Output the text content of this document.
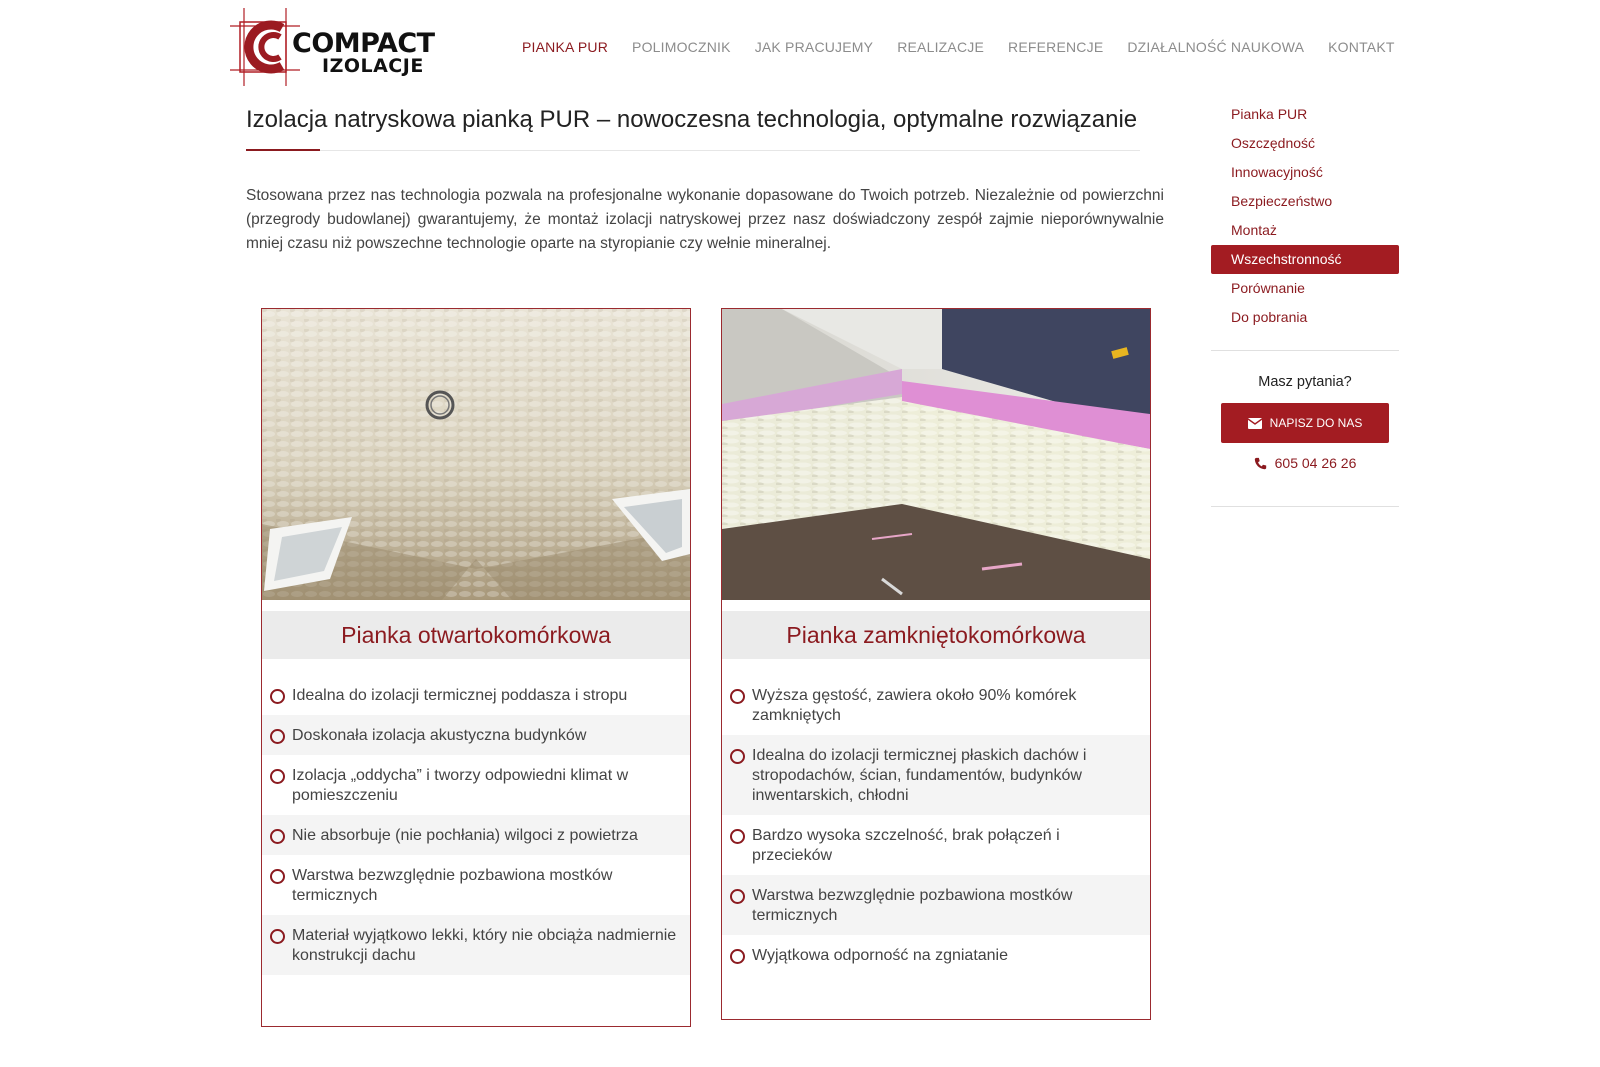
COMPACT
IZOLACJE
PIANKA PUR POLIMOCZNIK JAK PRACUJEMY REALIZACJE REFERENCJE DZIAŁALNOŚĆ NAUKOWA KONTAKT
Izolacja natryskowa pianką PUR – nowoczesna technologia, optymalne rozwiązanie

Stosowana przez nas technologia pozwala na profesjonalne wykonanie dopasowane do Twoich potrzeb. Niezależnie od powierzchni (przegrody budowlanej) gwarantujemy, że montaż izolacji natryskowej przez nasz doświadczony zespół zajmie nieporównywalnie mniej czasu niż powszechne technologie oparte na styropianie czy wełnie mineralnej.

Pianka otwartokomórkowa
Idealna do izolacji termicznej poddasza i stropu
Doskonała izolacja akustyczna budynków
Izolacja „oddycha” i tworzy odpowiedni klimat w pomieszczeniu
Nie absorbuje (nie pochłania) wilgoci z powietrza
Warstwa bezwzględnie pozbawiona mostków termicznych
Materiał wyjątkowo lekki, który nie obciąża nadmiernie konstrukcji dachu
Pianka zamkniętokomórkowa
Wyższa gęstość, zawiera około 90% komórek zamkniętych
Idealna do izolacji termicznej płaskich dachów i stropodachów, ścian, fundamentów, budynków inwentarskich, chłodni
Bardzo wysoka szczelność, brak połączeń i przecieków
Warstwa bezwzględnie pozbawiona mostków termicznych
Wyjątkowa odporność na zgniatanie
Pianka PUR
Oszczędność
Innowacyjność
Bezpieczeństwo
Montaż
Wszechstronność
Porównanie
Do pobrania
Masz pytania?
NAPISZ DO NAS
605 04 26 26
